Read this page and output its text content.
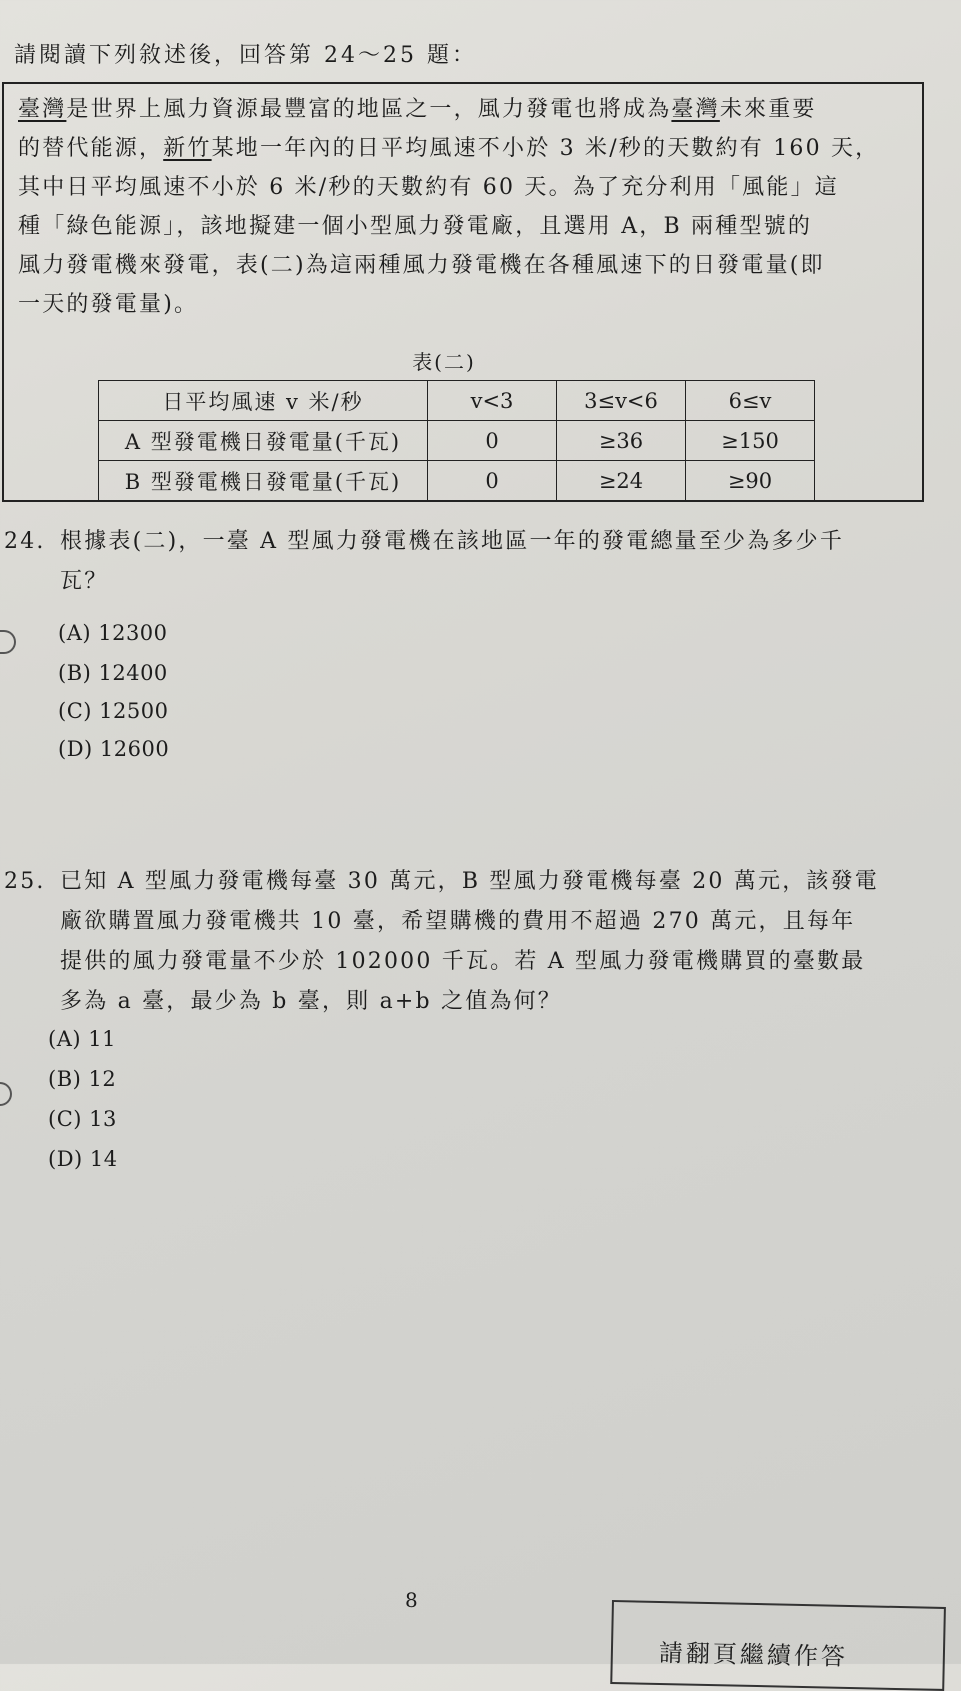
請閱讀下列敘述後，回答第 24～25 題：

臺灣是世界上風力資源最豐富的地區之一，風力發電也將成為臺灣未來重要

的替代能源，新竹某地一年內的日平均風速不小於 3 米/秒的天數約有 160 天，

其中日平均風速不小於 6 米/秒的天數約有 60 天。為了充分利用「風能」這

種「綠色能源」，該地擬建一個小型風力發電廠，且選用 A，B 兩種型號的

風力發電機來發電，表(二)為這兩種風力發電機在各種風速下的日發電量(即

一天的發電量)。

表(二)
日平均風速 v 米/秒	v<3	3≤v<6	6≤v
A 型發電機日發電量(千瓦)	0	≥36	≥150
B 型發電機日發電量(千瓦)	0	≥24	≥90
24. 根據表(二)，一臺 A 型風力發電機在該地區一年的發電總量至少為多少千
瓦？
(A) 12300
(B) 12400
(C) 12500
(D) 12600
25. 已知 A 型風力發電機每臺 30 萬元，B 型風力發電機每臺 20 萬元，該發電
廠欲購置風力發電機共 10 臺，希望購機的費用不超過 270 萬元，且每年
提供的風力發電量不少於 102000 千瓦。若 A 型風力發電機購買的臺數最
多為 a 臺，最少為 b 臺，則 a+b 之值為何？
(A) 11
(B) 12
(C) 13
(D) 14
8
請翻頁繼續作答
